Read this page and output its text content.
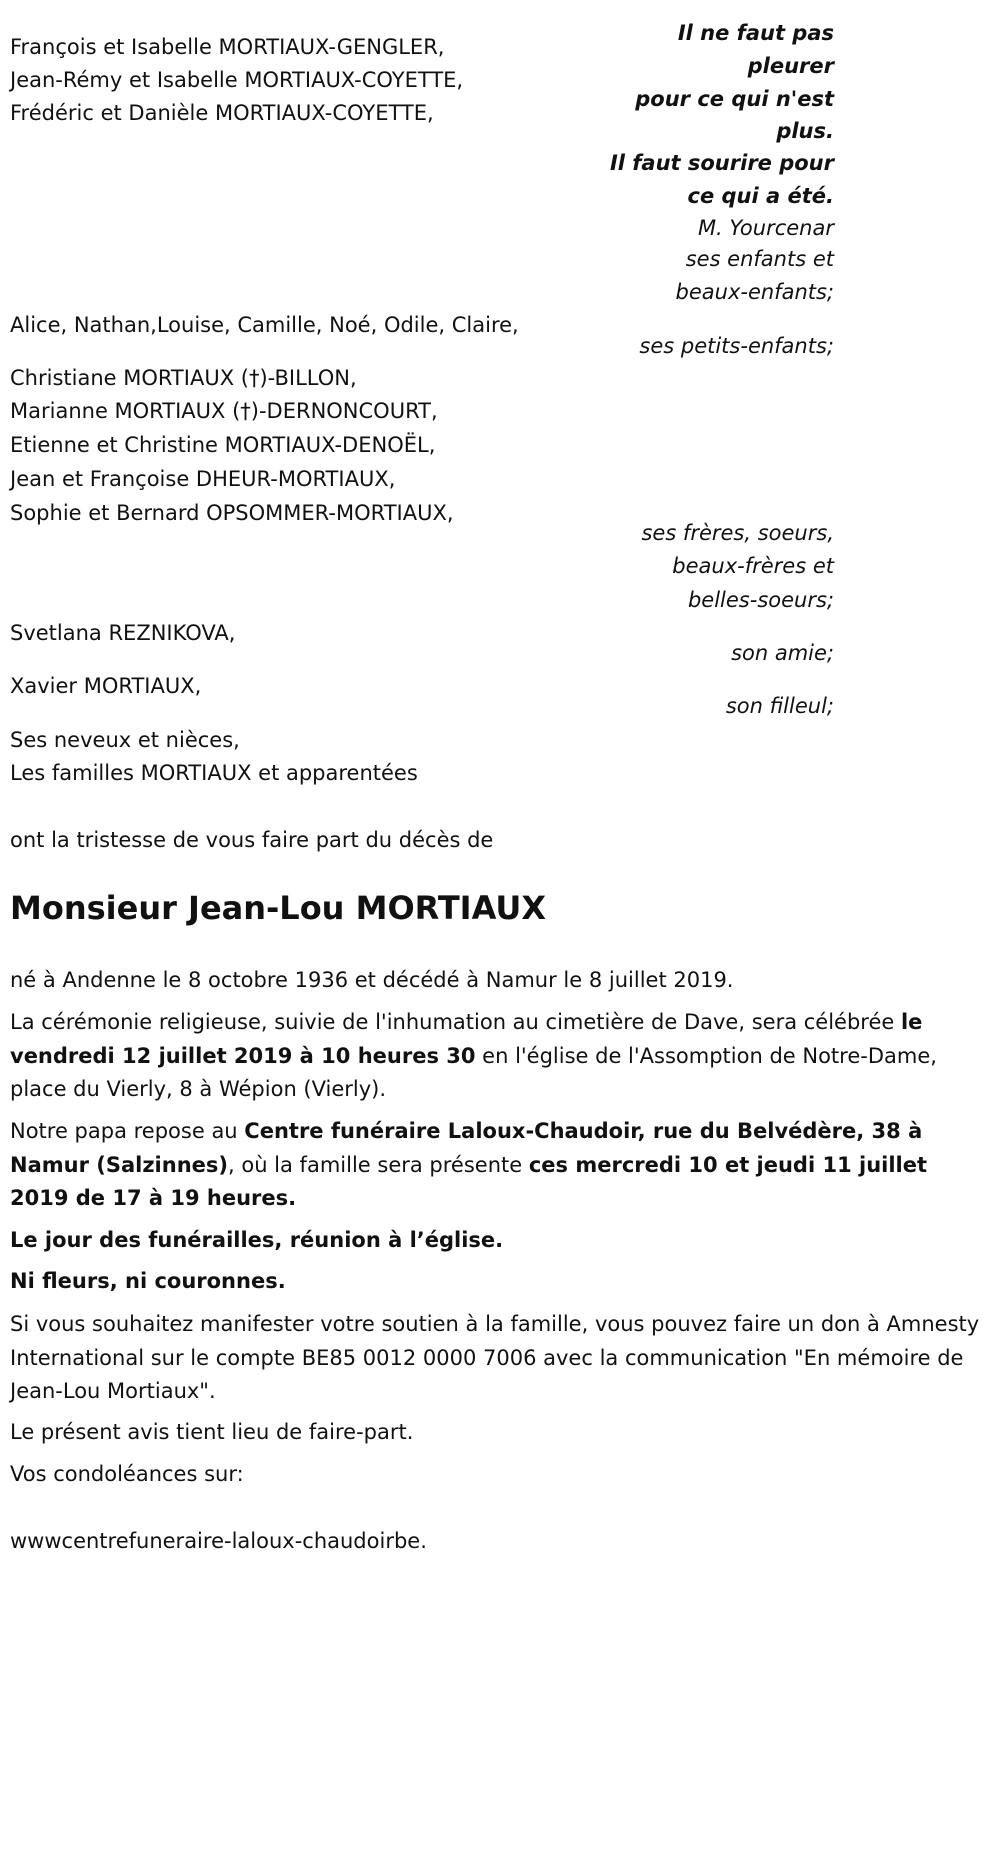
Il ne faut pas
pleurer
pour ce qui n'est
plus.
Il faut sourire pour
ce qui a été.
M. Yourcenar
François et Isabelle MORTIAUX-GENGLER,
Jean-Rémy et Isabelle MORTIAUX-COYETTE,
Frédéric et Danièle MORTIAUX-COYETTE,
ses enfants et
beaux-enfants;
Alice, Nathan,Louise, Camille, Noé, Odile, Claire,
ses petits-enfants;
Christiane MORTIAUX (†)-BILLON,
Marianne MORTIAUX (†)-DERNONCOURT,
Etienne et Christine MORTIAUX-DENOËL,
Jean et Françoise DHEUR-MORTIAUX,
Sophie et Bernard OPSOMMER-MORTIAUX,
ses frères, soeurs,
beaux-frères et
belles-soeurs;
Svetlana REZNIKOVA,
son amie;
Xavier MORTIAUX,
son filleul;
Ses neveux et nièces,
Les familles MORTIAUX et apparentées
ont la tristesse de vous faire part du décès de
Monsieur Jean-Lou MORTIAUX
né à Andenne le 8 octobre 1936 et décédé à Namur le 8 juillet 2019.
La cérémonie religieuse, suivie de l'inhumation au cimetière de Dave, sera célébrée le vendredi 12 juillet 2019 à 10 heures 30 en l'église de l'Assomption de Notre-Dame, place du Vierly, 8 à Wépion (Vierly).
Notre papa repose au Centre funéraire Laloux-Chaudoir, rue du Belvédère, 38 à Namur (Salzinnes), où la famille sera présente ces mercredi 10 et jeudi 11 juillet 2019 de 17 à 19 heures.
Le jour des funérailles, réunion à l’église.
Ni fleurs, ni couronnes.
Si vous souhaitez manifester votre soutien à la famille, vous pouvez faire un don à Amnesty International sur le compte BE85 0012 0000 7006 avec la communication "En mémoire de Jean-Lou Mortiaux".
Le présent avis tient lieu de faire-part.
Vos condoléances sur:
wwwcentrefuneraire-laloux-chaudoirbe.
